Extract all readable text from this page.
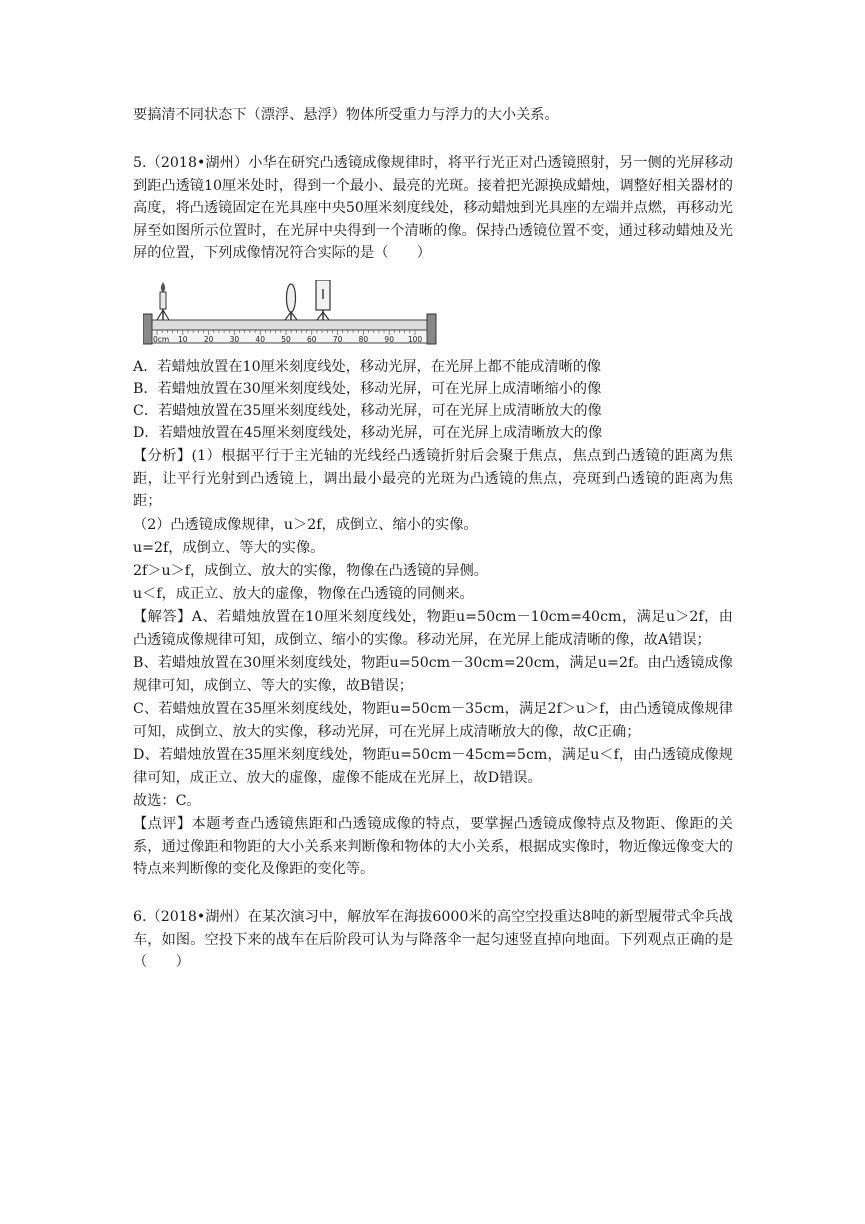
要搞清不同状态下（漂浮、悬浮）物体所受重力与浮力的大小关系。
5.（2018•湖州）小华在研究凸透镜成像规律时，将平行光正对凸透镜照射，另一侧的光屏移动到距凸透镜10厘米处时，得到一个最小、最亮的光斑。接着把光源换成蜡烛，调整好相关器材的高度，将凸透镜固定在光具座中央50厘米刻度线处，移动蜡烛到光具座的左端并点燃，再移动光屏至如图所示位置时，在光屏中央得到一个清晰的像。保持凸透镜位置不变，通过移动蜡烛及光屏的位置，下列成像情况符合实际的是（　　）
0cm 10 20 30 40 50 60 70 80 90 100
A．若蜡烛放置在10厘米刻度线处，移动光屏，在光屏上都不能成清晰的像
B．若蜡烛放置在30厘米刻度线处，移动光屏，可在光屏上成清晰缩小的像
C．若蜡烛放置在35厘米刻度线处，移动光屏，可在光屏上成清晰放大的像
D．若蜡烛放置在45厘米刻度线处，移动光屏，可在光屏上成清晰放大的像
【分析】(1）根据平行于主光轴的光线经凸透镜折射后会聚于焦点，焦点到凸透镜的距离为焦距，让平行光射到凸透镜上，调出最小最亮的光斑为凸透镜的焦点，亮斑到凸透镜的距离为焦距；
（2）凸透镜成像规律，u＞2f，成倒立、缩小的实像。
u=2f，成倒立、等大的实像。
2f＞u＞f，成倒立、放大的实像，物像在凸透镜的异侧。
u＜f，成正立、放大的虚像，物像在凸透镜的同侧来。
【解答】A、若蜡烛放置在10厘米刻度线处，物距u=50cm－10cm=40cm，满足u＞2f，由凸透镜成像规律可知，成倒立、缩小的实像。移动光屏，在光屏上能成清晰的像，故A错误；
B、若蜡烛放置在30厘米刻度线处，物距u=50cm－30cm=20cm，满足u=2f。由凸透镜成像规律可知，成倒立、等大的实像，故B错误；
C、若蜡烛放置在35厘米刻度线处，物距u=50cm－35cm，满足2f＞u＞f，由凸透镜成像规律可知，成倒立、放大的实像，移动光屏，可在光屏上成清晰放大的像，故C正确；
D、若蜡烛放置在35厘米刻度线处，物距u=50cm－45cm=5cm，满足u＜f，由凸透镜成像规律可知，成正立、放大的虚像，虚像不能成在光屏上，故D错误。
故选：C。
【点评】本题考查凸透镜焦距和凸透镜成像的特点，要掌握凸透镜成像特点及物距、像距的关系，通过像距和物距的大小关系来判断像和物体的大小关系，根据成实像时，物近像远像变大的特点来判断像的变化及像距的变化等。
6.（2018•湖州）在某次演习中，解放军在海拔6000米的高空空投重达8吨的新型履带式伞兵战车，如图。空投下来的战车在后阶段可认为与降落伞一起匀速竖直掉向地面。下列观点正确的是（　　）
